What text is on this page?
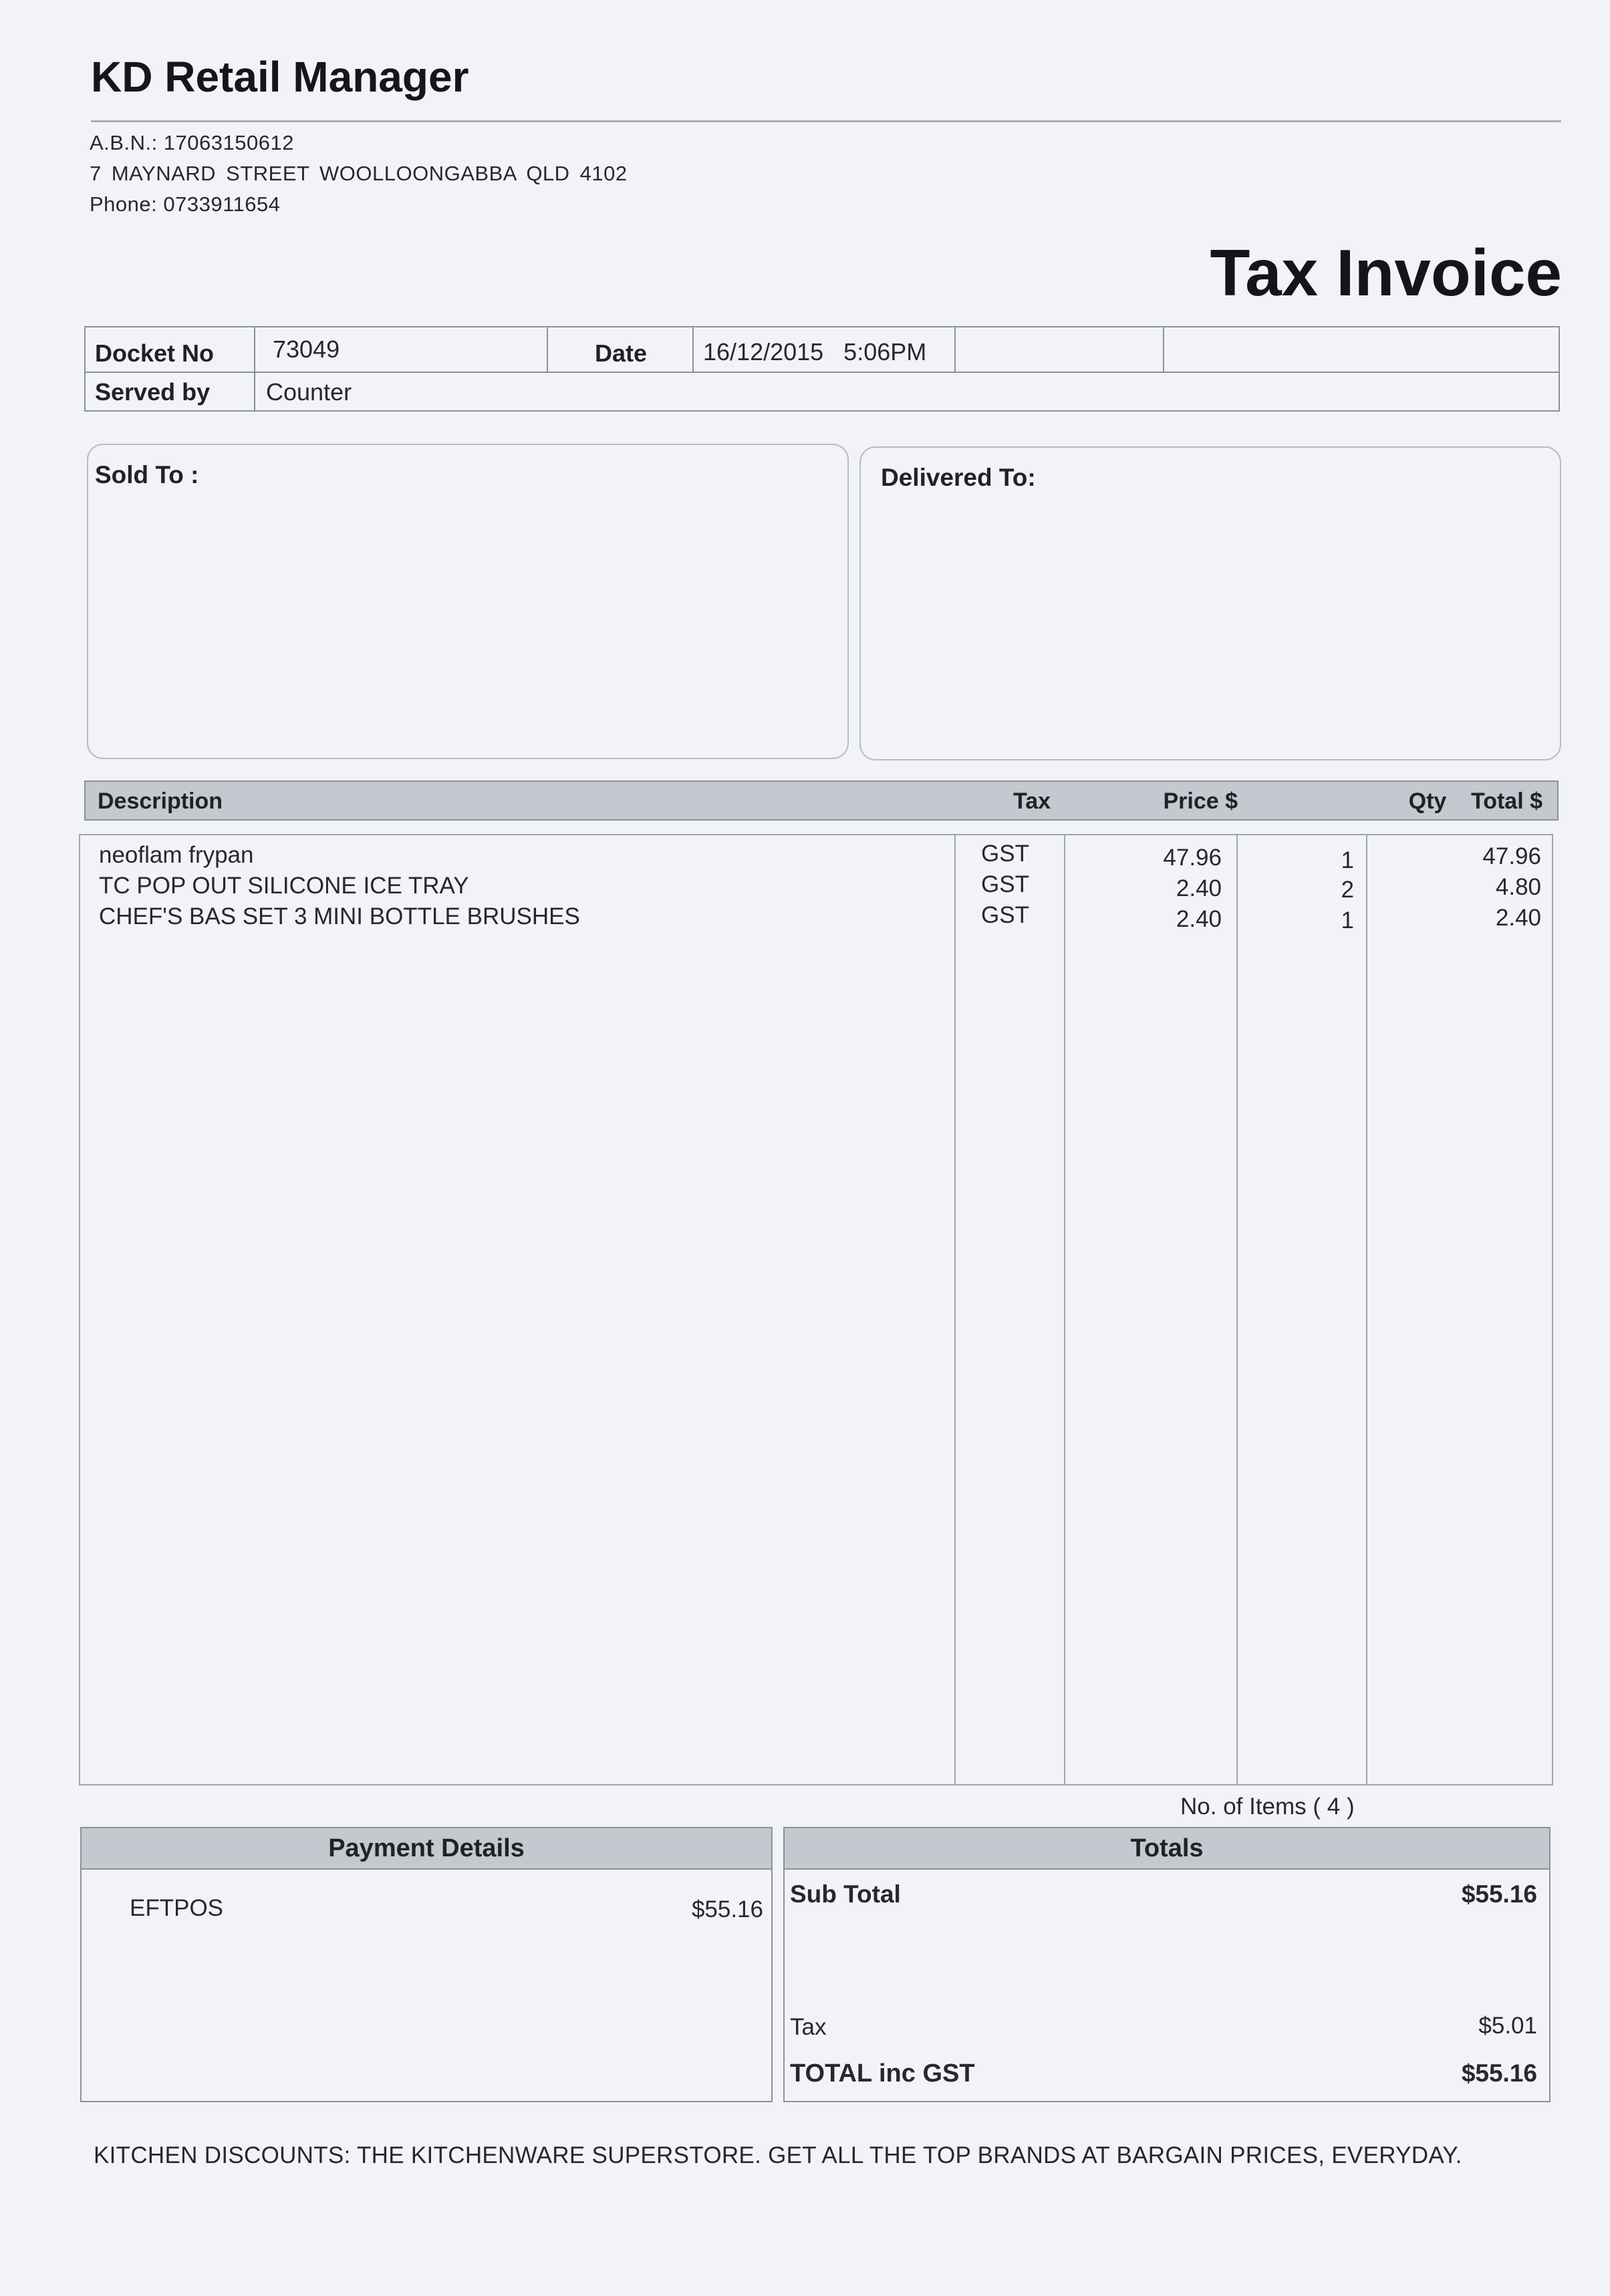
KD Retail Manager
A.B.N.: 17063150612
7 MAYNARD STREET WOOLLOONGABBA QLD 4102
Phone: 0733911654
Tax Invoice
Docket No 73049	Date 16/12/2015   5:06PM
Served by Counter
Sold To :	Delivered To:
Description	Tax	Price $	Qty	Total $
neoflam frypan	GST	47.96	1	47.96
TC POP OUT SILICONE ICE TRAY	GST	2.40	2	4.80
CHEF'S BAS SET 3 MINI BOTTLE BRUSHES	GST	2.40	1	2.40
No. of Items ( 4 )
Payment Details
EFTPOS	$55.16
Totals
Sub Total	$55.16
Tax	$5.01
TOTAL inc GST	$55.16
KITCHEN DISCOUNTS: THE KITCHENWARE SUPERSTORE. GET ALL THE TOP BRANDS AT BARGAIN PRICES, EVERYDAY.
